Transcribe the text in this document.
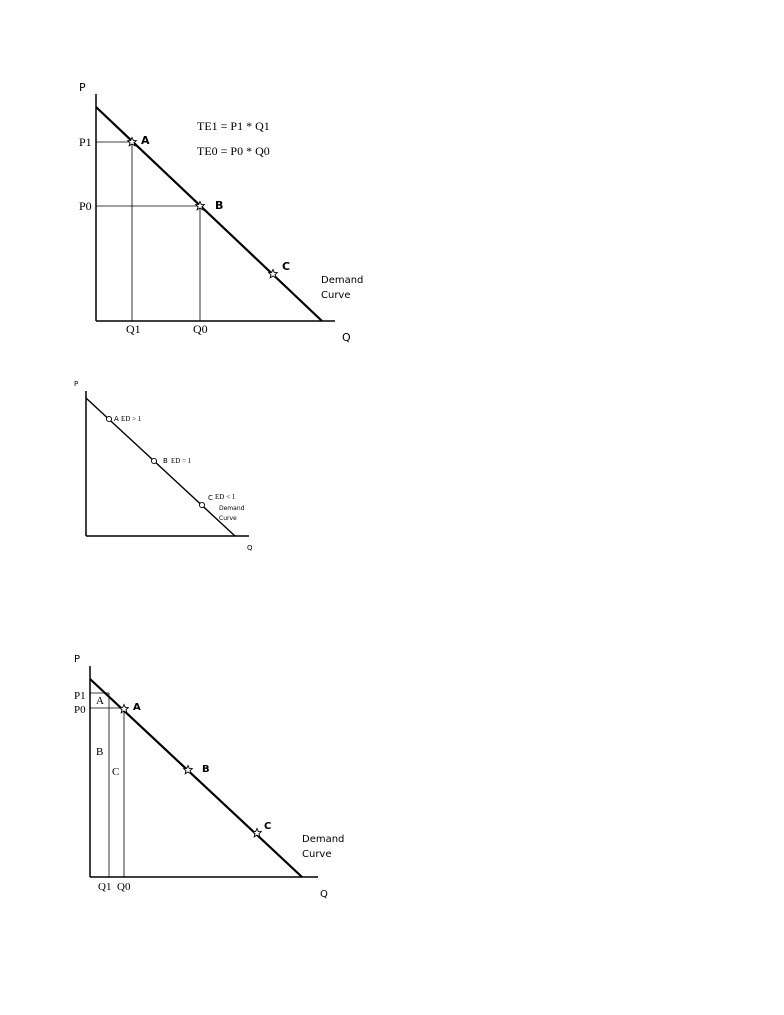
P
Q
P1
P0
Q1	Q0
A
B
C
TE1 = P1 * Q1
TE0 = P0 * Q0
Demand
Curve
P
Q
A ED > 1
B ED = 1
C ED < 1
Demand
Curve
P
Q
P1
P0
Q1 Q0
A
B
C
A
B
C
Demand
Curve
